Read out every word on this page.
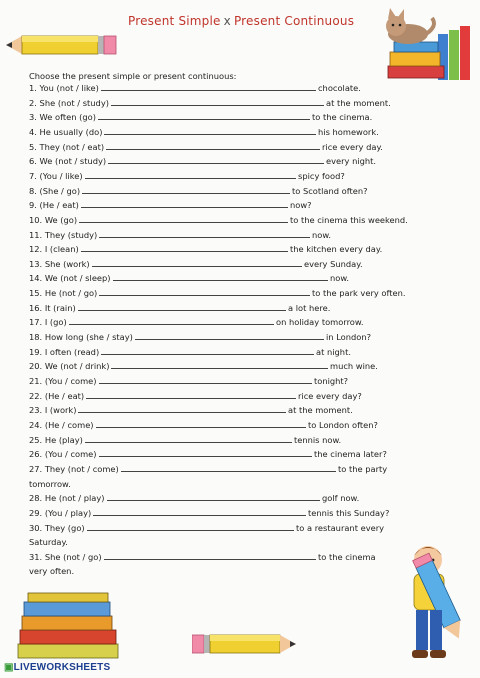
Present Simple x Present Continuous
Choose the present simple or present continuous:
1. You (not / like)	chocolate.
2. She (not / study)	at the moment.
3. We often (go)	to the cinema.
4. He usually (do)	his homework.
5. They (not / eat)	rice every day.
6. We (not / study)	every night.
7. (You / like)	spicy food?
8. (She / go)	to Scotland often?
9. (He / eat)	now?
10. We (go)	to the cinema this weekend.
11. They (study)	now.
12. I (clean)	the kitchen every day.
13. She (work)	every Sunday.
14. We (not / sleep)	now.
15. He (not / go)	to the park very often.
16. It (rain)	a lot here.
17. I (go)	on holiday tomorrow.
18. How long (she / stay)	in London?
19. I often (read)	at night.
20. We (not / drink)	much wine.
21. (You / come)	tonight?
22. (He / eat)	rice every day?
23. I (work)	at the moment.
24. (He / come)	to London often?
25. He (play)	tennis now.
26. (You / come)	the cinema later?
27. They (not / come)	to the party
tomorrow.
28. He (not / play)	golf now.
29. (You / play)	tennis this Sunday?
30. They (go)	to a restaurant every
Saturday.
31. She (not / go)	to the cinema
very often.
▣LIVEWORKSHEETS
